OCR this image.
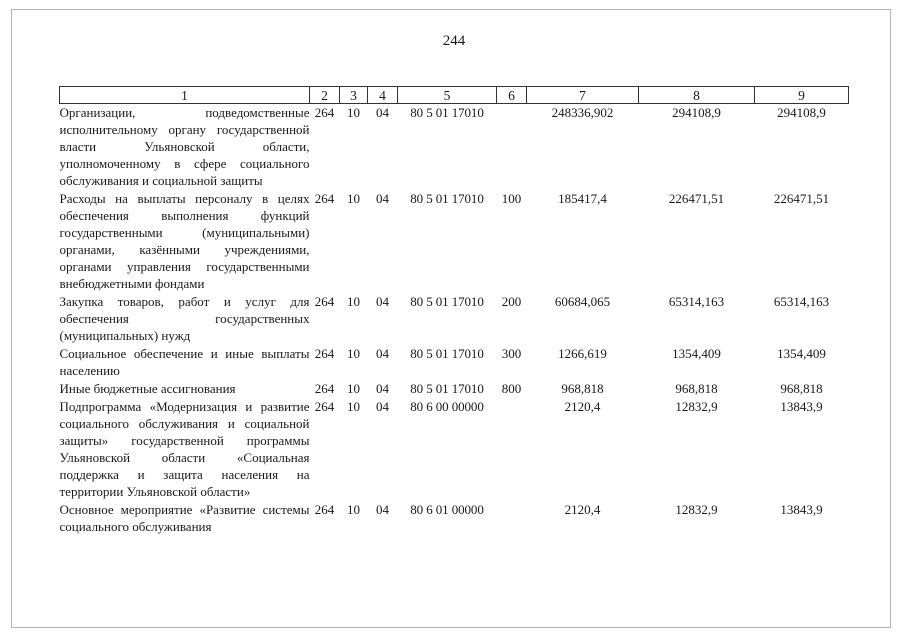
244
1	2	3	4	5	6	7	8	9
Организации, подведомственные исполнительному органу государственной власти Ульяновской области, уполномоченному в сфере социального обслуживания и социальной защиты	264	10	04	80 5 01 17010		248336,902	294108,9	294108,9
Расходы на выплаты персоналу в целях обеспечения выполнения функций государственными (муниципальными) органами, казёнными учреждениями, органами управления государственными внебюджетными фондами	264	10	04	80 5 01 17010	100	185417,4	226471,51	226471,51
Закупка товаров, работ и услуг для обеспечения государственных (муниципальных) нужд	264	10	04	80 5 01 17010	200	60684,065	65314,163	65314,163
Социальное обеспечение и иные выплаты населению	264	10	04	80 5 01 17010	300	1266,619	1354,409	1354,409
Иные бюджетные ассигнования	264	10	04	80 5 01 17010	800	968,818	968,818	968,818
Подпрограмма «Модернизация и развитие социального обслуживания и социальной защиты» государственной программы Ульяновской области «Социальная поддержка и защита населения на территории Ульяновской области»	264	10	04	80 6 00 00000		2120,4	12832,9	13843,9
Основное мероприятие «Развитие системы социального обслуживания	264	10	04	80 6 01 00000		2120,4	12832,9	13843,9
